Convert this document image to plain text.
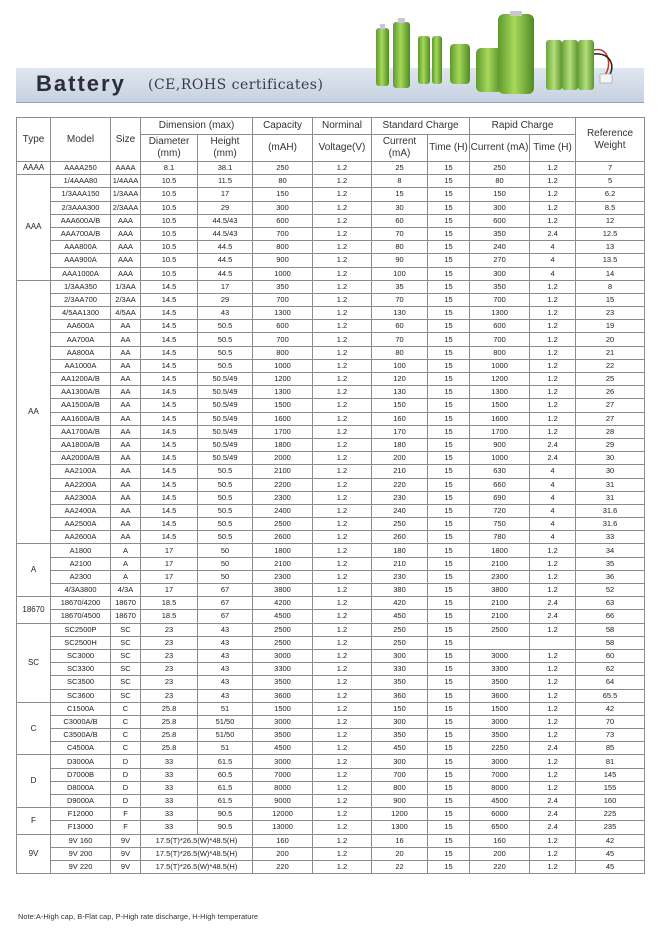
Battery (CE,ROHS certificates)
Type	Model	Size	Dimension (max)		Capacity	Norminal	Standard Charge		Rapid Charge		Reference Weight
			Diameter (mm)	Height (mm)	(mAH)	Voltage(V)	Current (mA)	Time (H)	Current (mA)	Time (H)	
AAAA	AAAA250	AAAA	8.1	38.1	250	1.2	25	15	250	1.2	7
AAA	1/4AAA80	1/4AAA	10.5	11.5	80	1.2	8	15	80	1.2	5
	1/3AAA150	1/3AAA	10.5	17	150	1.2	15	15	150	1.2	6.2
	2/3AAA300	2/3AAA	10.5	29	300	1.2	30	15	300	1.2	8.5
	AAA600A/B	AAA	10.5	44.5/43	600	1.2	60	15	600	1.2	12
	AAA700A/B	AAA	10.5	44.5/43	700	1.2	70	15	350	2.4	12.5
	AAA800A	AAA	10.5	44.5	800	1.2	80	15	240	4	13
	AAA900A	AAA	10.5	44.5	900	1.2	90	15	270	4	13.5
	AAA1000A	AAA	10.5	44.5	1000	1.2	100	15	300	4	14
AA	1/3AA350	1/3AA	14.5	17	350	1.2	35	15	350	1.2	8
	2/3AA700	2/3AA	14.5	29	700	1.2	70	15	700	1.2	15
	4/5AA1300	4/5AA	14.5	43	1300	1.2	130	15	1300	1.2	23
	AA600A	AA	14.5	50.5	600	1.2	60	15	600	1.2	19
	AA700A	AA	14.5	50.5	700	1.2	70	15	700	1.2	20
	AA800A	AA	14.5	50.5	800	1.2	80	15	800	1.2	21
	AA1000A	AA	14.5	50.5	1000	1.2	100	15	1000	1.2	22
	AA1200A/B	AA	14.5	50.5/49	1200	1.2	120	15	1200	1.2	25
	AA1300A/B	AA	14.5	50.5/49	1300	1.2	130	15	1300	1.2	26
	AA1500A/B	AA	14.5	50.5/49	1500	1.2	150	15	1500	1.2	27
	AA1600A/B	AA	14.5	50.5/49	1600	1.2	160	15	1600	1.2	27
	AA1700A/B	AA	14.5	50.5/49	1700	1.2	170	15	1700	1.2	28
	AA1800A/B	AA	14.5	50.5/49	1800	1.2	180	15	900	2.4	29
	AA2000A/B	AA	14.5	50.5/49	2000	1.2	200	15	1000	2.4	30
	AA2100A	AA	14.5	50.5	2100	1.2	210	15	630	4	30
	AA2200A	AA	14.5	50.5	2200	1.2	220	15	660	4	31
	AA2300A	AA	14.5	50.5	2300	1.2	230	15	690	4	31
	AA2400A	AA	14.5	50.5	2400	1.2	240	15	720	4	31.6
	AA2500A	AA	14.5	50.5	2500	1.2	250	15	750	4	31.6
	AA2600A	AA	14.5	50.5	2600	1.2	260	15	780	4	33
A	A1800	A	17	50	1800	1.2	180	15	1800	1.2	34
	A2100	A	17	50	2100	1.2	210	15	2100	1.2	35
	A2300	A	17	50	2300	1.2	230	15	2300	1.2	36
	4/3A3800	4/3A	17	67	3800	1.2	380	15	3800	1.2	52
18670	18670/4200	18670	18.5	67	4200	1.2	420	15	2100	2.4	63
	18670/4500	18670	18.5	67	4500	1.2	450	15	2100	2.4	66
SC	SC2500P	SC	23	43	2500	1.2	250	15	2500	1.2	58
	SC2500H	SC	23	43	2500	1.2	250	15			58
	SC3000	SC	23	43	3000	1.2	300	15	3000	1.2	60
	SC3300	SC	23	43	3300	1.2	330	15	3300	1.2	62
	SC3500	SC	23	43	3500	1.2	350	15	3500	1.2	64
	SC3600	SC	23	43	3600	1.2	360	15	3600	1.2	65.5
C	C1500A	C	25.8	51	1500	1.2	150	15	1500	1.2	42
	C3000A/B	C	25.8	51/50	3000	1.2	300	15	3000	1.2	70
	C3500A/B	C	25.8	51/50	3500	1.2	350	15	3500	1.2	73
	C4500A	C	25.8	51	4500	1.2	450	15	2250	2.4	85
D	D3000A	D	33	61.5	3000	1.2	300	15	3000	1.2	81
	D7000B	D	33	60.5	7000	1.2	700	15	7000	1.2	145
	D8000A	D	33	61.5	8000	1.2	800	15	8000	1.2	155
	D9000A	D	33	61.5	9000	1.2	900	15	4500	2.4	160
F	F12000	F	33	90.5	12000	1.2	1200	15	6000	2.4	225
	F13000	F	33	90.5	13000	1.2	1300	15	6500	2.4	235
9V	9V 160	9V	17.5(T)*26.5(W)*48.5(H)		160	1.2	16	15	160	1.2	42
	9V 200	9V	17.5(T)*26.5(W)*48.5(H)		200	1.2	20	15	200	1.2	45
	9V 220	9V	17.5(T)*26.5(W)*48.5(H)		220	1.2	22	15	220	1.2	45
Note:A-High cap, B-Flat cap, P-High rate discharge, H-High temperature
